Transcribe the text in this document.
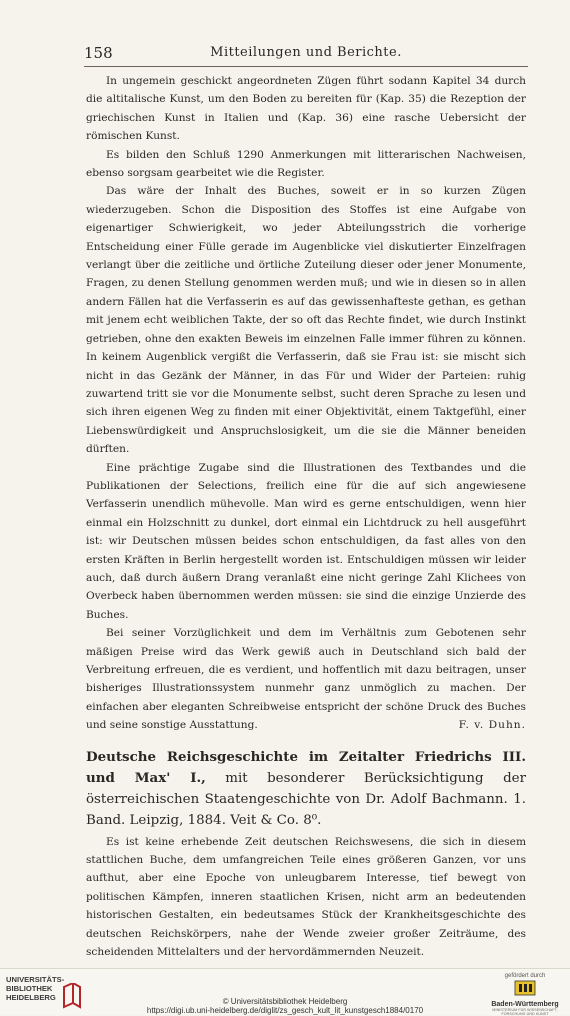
158	Mitteilungen und Berichte.

In ungemein geschickt angeordneten Zügen führt sodann Kapitel 34 durch die altitalische Kunst, um den Boden zu bereiten für (Kap. 35) die Rezeption der griechischen Kunst in Italien und (Kap. 36) eine rasche Uebersicht der römischen Kunst.

Es bilden den Schluß 1290 Anmerkungen mit litterarischen Nachweisen, ebenso sorgsam gearbeitet wie die Register.

Das wäre der Inhalt des Buches, soweit er in so kurzen Zügen wiederzugeben. Schon die Disposition des Stoffes ist eine Aufgabe von eigenartiger Schwierigkeit, wo jeder Abteilungsstrich die vorherige Entscheidung einer Fülle gerade im Augenblicke viel diskutierter Einzelfragen verlangt über die zeitliche und örtliche Zuteilung dieser oder jener Monumente, Fragen, zu denen Stellung genommen werden muß; und wie in diesen so in allen andern Fällen hat die Verfasserin es auf das gewissenhafteste gethan, es gethan mit jenem echt weiblichen Takte, der so oft das Rechte findet, wie durch Instinkt getrieben, ohne den exakten Beweis im einzelnen Falle immer führen zu können. In keinem Augenblick vergißt die Verfasserin, daß sie Frau ist: sie mischt sich nicht in das Gezänk der Männer, in das Für und Wider der Parteien: ruhig zuwartend tritt sie vor die Monumente selbst, sucht deren Sprache zu lesen und sich ihren eigenen Weg zu finden mit einer Objektivität, einem Taktgefühl, einer Liebenswürdigkeit und Anspruchslosigkeit, um die sie die Männer beneiden dürften.

Eine prächtige Zugabe sind die Illustrationen des Textbandes und die Publikationen der Selections, freilich eine für die auf sich angewiesene Verfasserin unendlich mühevolle. Man wird es gerne entschuldigen, wenn hier einmal ein Holzschnitt zu dunkel, dort einmal ein Lichtdruck zu hell ausgeführt ist: wir Deutschen müssen beides schon entschuldigen, da fast alles von den ersten Kräften in Berlin hergestellt worden ist. Entschuldigen müssen wir leider auch, daß durch äußern Drang veranlaßt eine nicht geringe Zahl Klichees von Overbeck haben übernommen werden müssen: sie sind die einzige Unzierde des Buches.

Bei seiner Vorzüglichkeit und dem im Verhältnis zum Gebotenen sehr mäßigen Preise wird das Werk gewiß auch in Deutschland sich bald der Verbreitung erfreuen, die es verdient, und hoffentlich mit dazu beitragen, unser bisheriges Illustrationssystem nunmehr ganz unmöglich zu machen. Der einfachen aber eleganten Schreibweise entspricht der schöne Druck des Buches und seine sonstige Ausstattung.	F. v. Duhn.

Deutsche Reichsgeschichte im Zeitalter Friedrichs III. und Max' I., mit besonderer Berücksichtigung der österreichischen Staatengeschichte von Dr. Adolf Bachmann. 1. Band. Leipzig, 1884. Veit & Co. 8⁰.

Es ist keine erhebende Zeit deutschen Reichswesens, die sich in diesem stattlichen Buche, dem umfangreichen Teile eines größeren Ganzen, vor uns aufthut, aber eine Epoche von unleugbarem Interesse, tief bewegt von politischen Kämpfen, inneren staatlichen Krisen, nicht arm an bedeutenden historischen Gestalten, ein bedeutsames Stück der Krankheitsgeschichte des deutschen Reichskörpers, nahe der Wende zweier großer Zeiträume, des scheidenden Mittelalters und der hervordämmernden Neuzeit.

UNIVERSITÄTS-
BIBLIOTHEK
HEIDELBERG	© Universitätsbibliothek Heidelberg
https://digi.ub.uni-heidelberg.de/diglit/zs_gesch_kult_lit_kunstgesch1884/0170
gefördert durch
Baden-Württemberg
MINISTERIUM FÜR WISSENSCHAFT, FORSCHUNG UND KUNST
